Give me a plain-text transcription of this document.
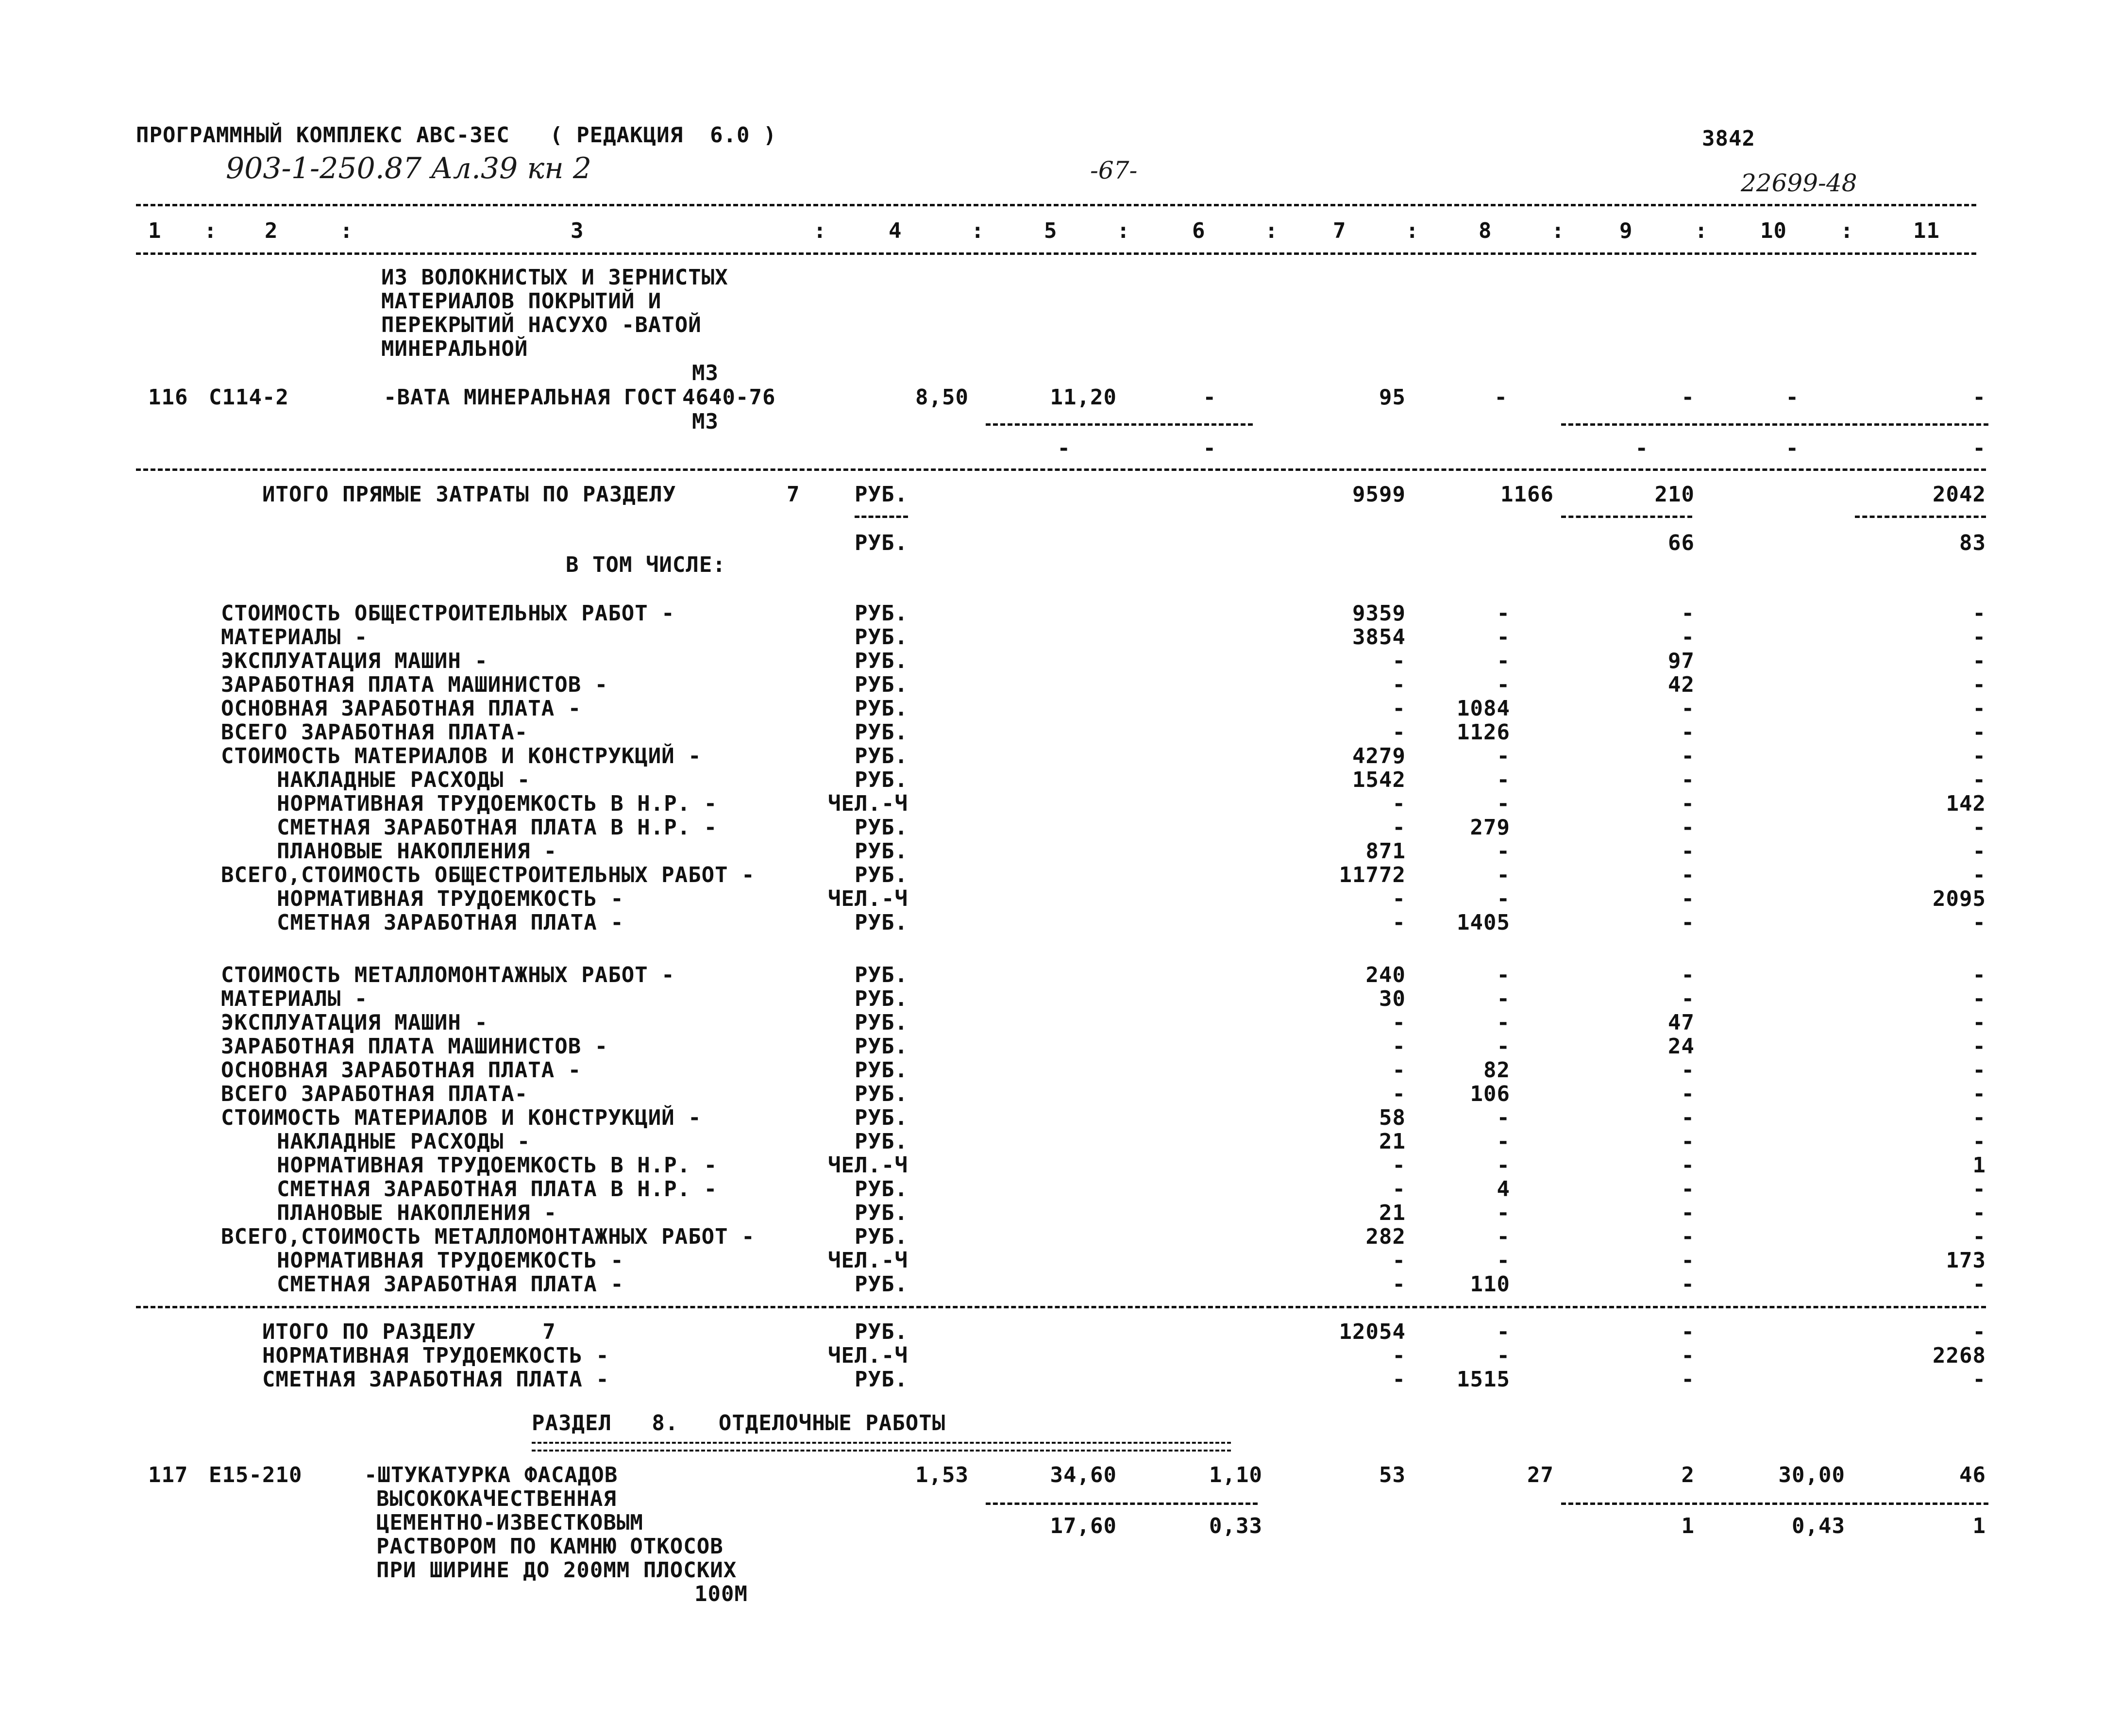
ПРОГРАММНЫЙ КОМПЛЕКС АВС-3ЕС   ( РЕДАКЦИЯ  6.0 )	3842
903-1-250.87 Ал.39 кн 2	-67-	22699-48
1	2	3	4	5	6	7	8	9	10	11
:	:	:	:	:	:	:	:	:	:
ИЗ ВОЛОКНИСТЫХ И ЗЕРНИСТЫХ
МАТЕРИАЛОВ ПОКРЫТИЙ И
ПЕРЕКРЫТИЙ НАСУХО -ВАТОЙ
МИНЕРАЛЬНОЙ
М3
116 С114-2	-ВАТА МИНЕРАЛЬНАЯ ГОСТ 4640-76
М3
8,50	11,20	-	95	-	-	-	-
-	-	-	-	-
ИТОГО ПРЯМЫЕ ЗАТРАТЫ ПО РАЗДЕЛУ	7	РУБ.	9599	1166	210	2042
РУБ.	66	83
В ТОМ ЧИСЛЕ:
СТОИМОСТЬ ОБЩЕСТРОИТЕЛЬНЫХ РАБОТ -	РУБ.	9359	-	-	-
МАТЕРИАЛЫ -	РУБ.	3854	-	-	-
ЭКСПЛУАТАЦИЯ МАШИН -	РУБ.	-	-	97	-
ЗАРАБОТНАЯ ПЛАТА МАШИНИСТОВ -	РУБ.	-	-	42	-
ОСНОВНАЯ ЗАРАБОТНАЯ ПЛАТА -	РУБ.	-	1084	-	-
ВСЕГО ЗАРАБОТНАЯ ПЛАТА-	РУБ.	-	1126	-	-
СТОИМОСТЬ МАТЕРИАЛОВ И КОНСТРУКЦИЙ -	РУБ.	4279	-	-	-
НАКЛАДНЫЕ РАСХОДЫ -	РУБ.	1542	-	-	-
НОРМАТИВНАЯ ТРУДОЕМКОСТЬ В Н.Р. -	ЧЕЛ.-Ч	-	-	-	142
СМЕТНАЯ ЗАРАБОТНАЯ ПЛАТА В Н.Р. -	РУБ.	-	279	-	-
ПЛАНОВЫЕ НАКОПЛЕНИЯ -	РУБ.	871	-	-	-
ВСЕГО,СТОИМОСТЬ ОБЩЕСТРОИТЕЛЬНЫХ РАБОТ -	РУБ.	11772	-	-	-
НОРМАТИВНАЯ ТРУДОЕМКОСТЬ -	ЧЕЛ.-Ч	-	-	-	2095
СМЕТНАЯ ЗАРАБОТНАЯ ПЛАТА -	РУБ.	-	1405	-	-
СТОИМОСТЬ МЕТАЛЛОМОНТАЖНЫХ РАБОТ -	РУБ.	240	-	-	-
МАТЕРИАЛЫ -	РУБ.	30	-	-	-
ЭКСПЛУАТАЦИЯ МАШИН -	РУБ.	-	-	47	-
ЗАРАБОТНАЯ ПЛАТА МАШИНИСТОВ -	РУБ.	-	-	24	-
ОСНОВНАЯ ЗАРАБОТНАЯ ПЛАТА -	РУБ.	-	82	-	-
ВСЕГО ЗАРАБОТНАЯ ПЛАТА-	РУБ.	-	106	-	-
СТОИМОСТЬ МАТЕРИАЛОВ И КОНСТРУКЦИЙ -	РУБ.	58	-	-	-
НАКЛАДНЫЕ РАСХОДЫ -	РУБ.	21	-	-	-
НОРМАТИВНАЯ ТРУДОЕМКОСТЬ В Н.Р. -	ЧЕЛ.-Ч	-	-	-	1
СМЕТНАЯ ЗАРАБОТНАЯ ПЛАТА В Н.Р. -	РУБ.	-	4	-	-
ПЛАНОВЫЕ НАКОПЛЕНИЯ -	РУБ.	21	-	-	-
ВСЕГО,СТОИМОСТЬ МЕТАЛЛОМОНТАЖНЫХ РАБОТ -	РУБ.	282	-	-	-
НОРМАТИВНАЯ ТРУДОЕМКОСТЬ -	ЧЕЛ.-Ч	-	-	-	173
СМЕТНАЯ ЗАРАБОТНАЯ ПЛАТА -	РУБ.	-	110	-	-
ИТОГО ПО РАЗДЕЛУ     7	РУБ.	12054	-	-	-
НОРМАТИВНАЯ ТРУДОЕМКОСТЬ -	ЧЕЛ.-Ч	-	-	-	2268
СМЕТНАЯ ЗАРАБОТНАЯ ПЛАТА -	РУБ.	-	1515	-	-
РАЗДЕЛ   8.   ОТДЕЛОЧНЫЕ РАБОТЫ
117 Е15-210	-ШТУКАТУРКА ФАСАДОВ
ВЫСОКОКАЧЕСТВЕННАЯ
ЦЕМЕНТНО-ИЗВЕСТКОВЫМ
РАСТВОРОМ ПО КАМНЮ ОТКОСОВ
ПРИ ШИРИНЕ ДО 200ММ ПЛОСКИХ
100М
1,53	34,60	1,10	53	27	2	30,00	46
17,60	0,33	1	0,43	1
